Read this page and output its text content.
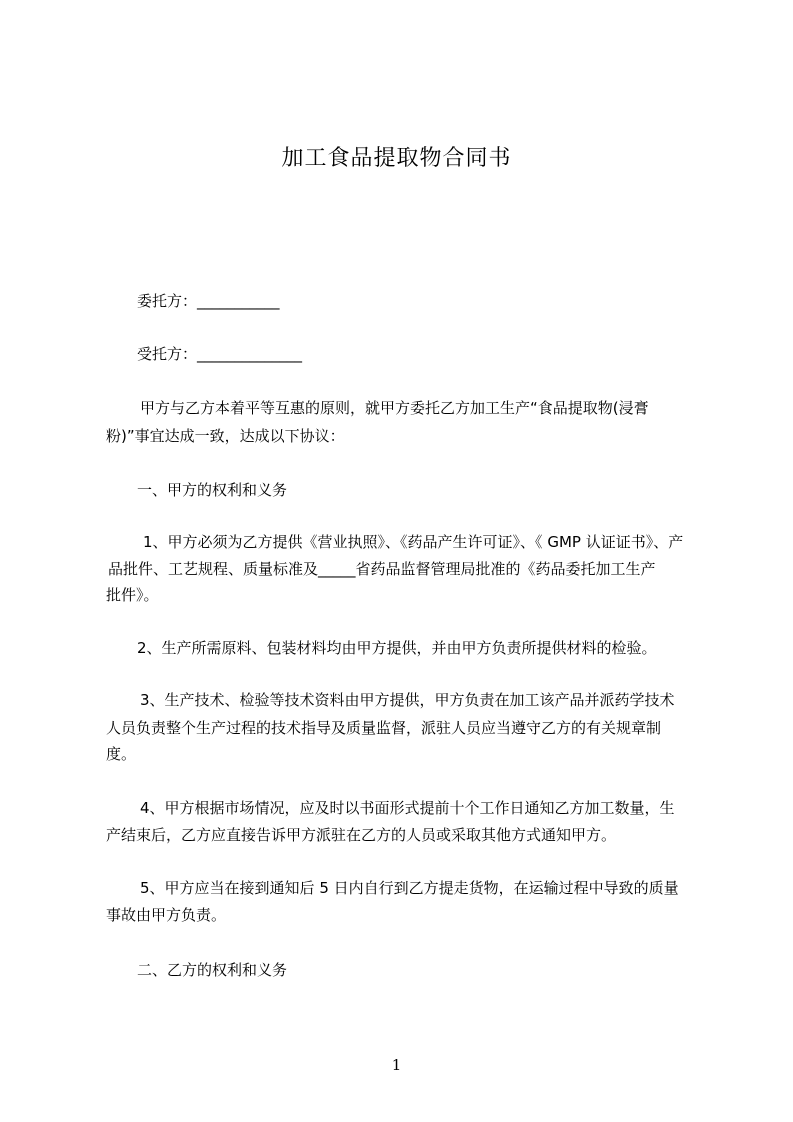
加工食品提取物合同书
委托方：___________
受托方：______________
甲方与乙方本着平等互惠的原则，就甲方委托乙方加工生产“食品提取物(浸膏
粉)”事宜达成一致，达成以下协议：
一、甲方的权利和义务
1、甲方必须为乙方提供《营业执照》、《药品产生许可证》、《 GMP 认证证书》、产
品批件、工艺规程、质量标准及_____省药品监督管理局批准的《药品委托加工生产
批件》。
2、生产所需原料、包装材料均由甲方提供，并由甲方负责所提供材料的检验。
3、生产技术、检验等技术资料由甲方提供，甲方负责在加工该产品并派药学技术
人员负责整个生产过程的技术指导及质量监督，派驻人员应当遵守乙方的有关规章制
度。
4、甲方根据市场情况，应及时以书面形式提前十个工作日通知乙方加工数量，生
产结束后，乙方应直接告诉甲方派驻在乙方的人员或采取其他方式通知甲方。
5、甲方应当在接到通知后 5 日内自行到乙方提走货物，在运输过程中导致的质量
事故由甲方负责。
二、乙方的权利和义务
1
